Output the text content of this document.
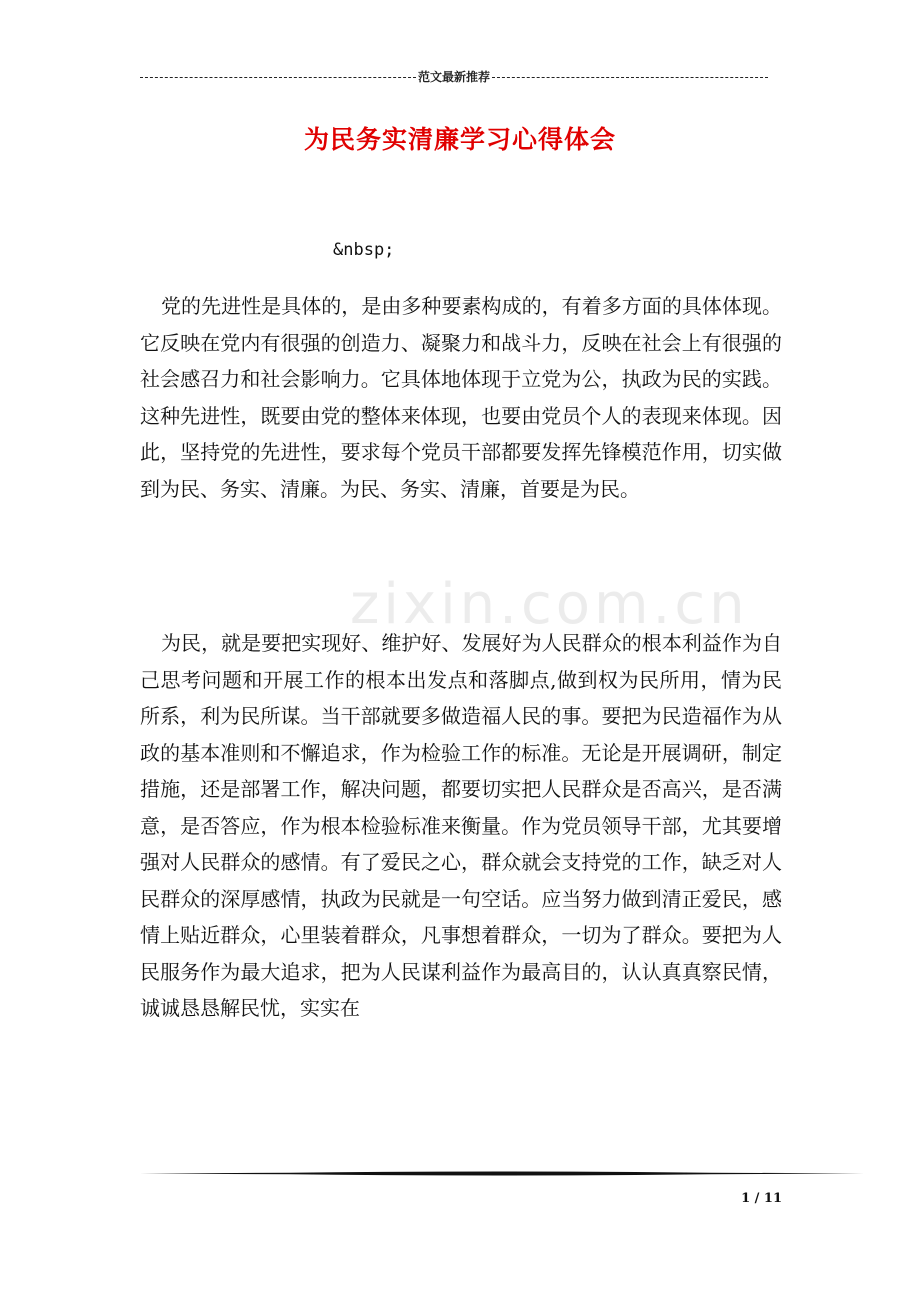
范文最新推荐
为民务实清廉学习心得体会
&nbsp;

党的先进性是具体的，是由多种要素构成的，有着多方面的具体体现。 它反映在党内有很强的创造力、凝聚力和战斗力，反映在社会上有很强的社会感召力和社会影响力。它具体地体现于立党为公，执政为民的实践。这种先进性，既要由党的整体来体现，也要由党员个人的表现来体现。因此，坚持党的先进性，要求每个党员干部都要发挥先锋模范作用，切实做到为民、务实、清廉。为民、务实、清廉，首要是为民。

为民，就是要把实现好、维护好、发展好为人民群众的根本利益作为自己思考问题和开展工作的根本出发点和落脚点,做到权为民所用，情为民所系，利为民所谋。当干部就要多做造福人民的事。要把为民造福作为从政的基本准则和不懈追求，作为检验工作的标准。无论是开展调研，制定措施，还是部署工作，解决问题，都要切实把人民群众是否高兴，是否满意，是否答应，作为根本检验标准来衡量。作为党员领导干部，尤其要增强对人民群众的感情。有了爱民之心，群众就会支持党的工作，缺乏对人民群众的深厚感情，执政为民就是一句空话。应当努力做到清正爱民，感情上贴近群众，心里装着群众，凡事想着群众，一切为了群众。要把为人民服务作为最大追求，把为人民谋利益作为最高目的，认认真真察民情，诚诚恳恳解民忧，实实在

zixin.com.cn
1 / 11
